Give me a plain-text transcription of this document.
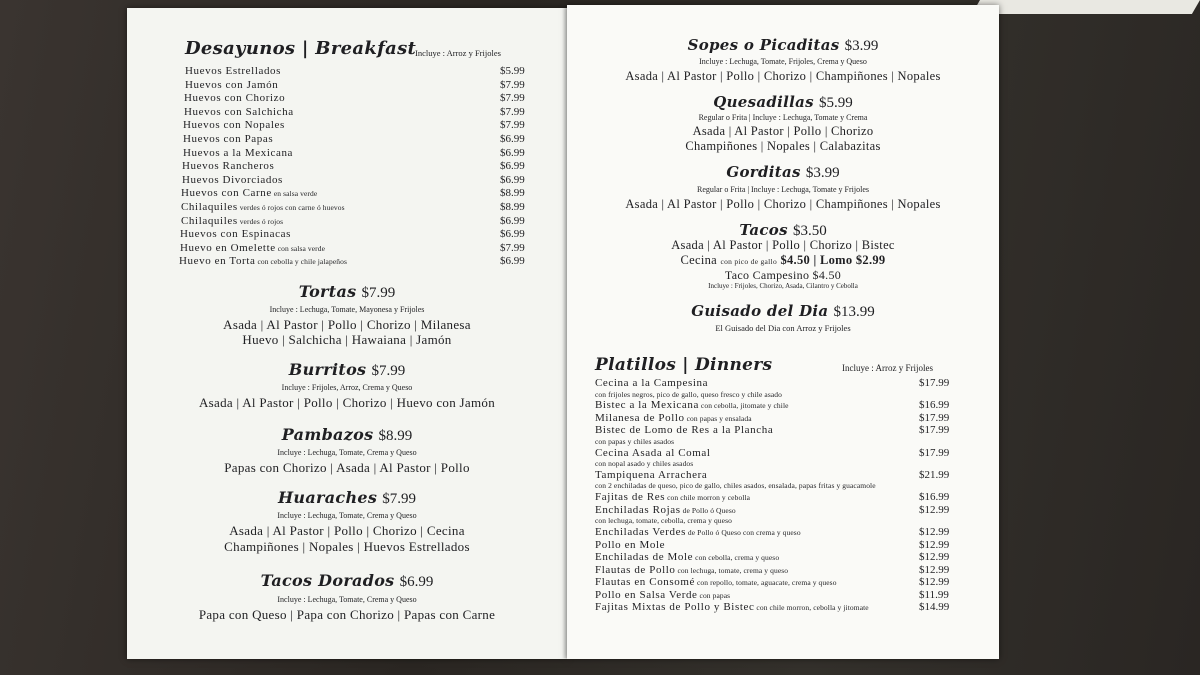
Desayunos | Breakfast
Incluye : Arroz y Frijoles
Huevos Estrellados	$5.99
Huevos con Jamón	$7.99
Huevos con Chorizo	$7.99
Huevos con Salchicha	$7.99
Huevos con Nopales	$7.99
Huevos con Papas	$6.99
Huevos a la Mexicana	$6.99
Huevos Rancheros	$6.99
Huevos Divorciados	$6.99
Huevos con Carne en salsa verde	$8.99
Chilaquiles verdes ó rojos con carne ó huevos	$8.99
Chilaquiles verdes ó rojos	$6.99
Huevos con Espinacas	$6.99
Huevo en Omelette con salsa verde	$7.99
Huevo en Torta con cebolla y chile jalapeños	$6.99
Tortas $7.99
Incluye : Lechuga, Tomate, Mayonesa y Frijoles
Asada | Al Pastor | Pollo | Chorizo | Milanesa
Huevo | Salchicha | Hawaiana | Jamón
Burritos $7.99
Incluye : Frijoles, Arroz, Crema y Queso
Asada | Al Pastor | Pollo | Chorizo | Huevo con Jamón
Pambazos $8.99
Incluye : Lechuga, Tomate, Crema y Queso
Papas con Chorizo | Asada | Al Pastor | Pollo
Huaraches $7.99
Incluye : Lechuga, Tomate, Crema y Queso
Asada | Al Pastor | Pollo | Chorizo | Cecina
Champiñones | Nopales | Huevos Estrellados
Tacos Dorados $6.99
Incluye : Lechuga, Tomate, Crema y Queso
Papa con Queso | Papa con Chorizo | Papas con Carne
Sopes o Picaditas $3.99
Incluye : Lechuga, Tomate, Frijoles, Crema y Queso
Asada | Al Pastor | Pollo | Chorizo | Champiñones | Nopales
Quesadillas $5.99
Regular o Frita | Incluye : Lechuga, Tomate y Crema
Asada | Al Pastor | Pollo | Chorizo
Champiñones | Nopales | Calabazitas
Gorditas $3.99
Regular o Frita | Incluye : Lechuga, Tomate y Frijoles
Asada | Al Pastor | Pollo | Chorizo | Champiñones | Nopales
Tacos $3.50
Asada | Al Pastor | Pollo | Chorizo | Bistec
Cecina con pico de gallo $4.50 | Lomo $2.99
Taco Campesino $4.50
Incluye : Frijoles, Chorizo, Asada, Cilantro y Cebolla
Guisado del Dia $13.99
El Guisado del Dia con Arroz y Frijoles
Platillos | Dinners	Incluye : Arroz y Frijoles
Cecina a la Campesina	$17.99
con frijoles negros, pico de gallo, queso fresco y chile asado
Bistec a la Mexicana con cebolla, jitomate y chile	$16.99
Milanesa de Pollo con papas y ensalada	$17.99
Bistec de Lomo de Res a la Plancha	$17.99
con papas y chiles asados
Cecina Asada al Comal	$17.99
con nopal asado y chiles asados
Tampiquena Arrachera	$21.99
con 2 enchiladas de queso, pico de gallo, chiles asados, ensalada, papas fritas y guacamole
Fajitas de Res con chile morron y cebolla	$16.99
Enchiladas Rojas de Pollo ó Queso	$12.99
con lechuga, tomate, cebolla, crema y queso
Enchiladas Verdes de Pollo ó Queso con crema y queso	$12.99
Pollo en Mole	$12.99
Enchiladas de Mole con cebolla, crema y queso	$12.99
Flautas de Pollo con lechuga, tomate, crema y queso	$12.99
Flautas en Consomé con repollo, tomate, aguacate, crema y queso	$12.99
Pollo en Salsa Verde con papas	$11.99
Fajitas Mixtas de Pollo y Bistec con chile morron, cebolla y jitomate	$14.99
